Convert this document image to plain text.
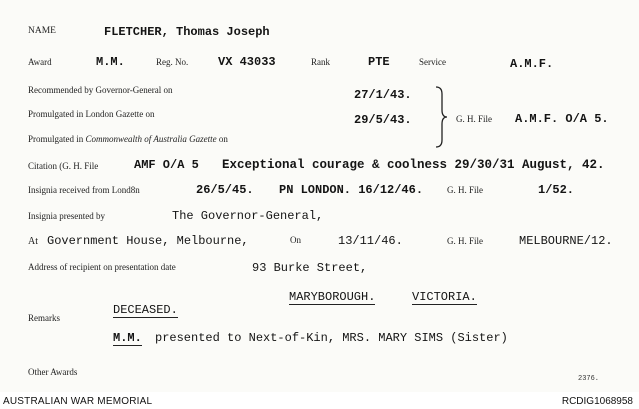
NAME	FLETCHER, Thomas Joseph
Award	M.M.	Reg. No. VX 43033	Rank	PTE	Service	A.M.F.
Recommended by Governor-General on	27/1/43.
Promulgated in London Gazette on	29/5/43.
Promulgated in Commonwealth of Australia Gazette on
G. H. File A.M.F. O/A 5.
Citation (G. H. File	AMF O/A 5 Exceptional courage & coolness 29/30/31 August, 42.
Insignia received from Lond8n	26/5/45. PN LONDON. 16/12/46.	G. H. File	1/52.
Insignia presented by	The Governor-General,
At Government House, Melbourne,	On	13/11/46.	G. H. File	MELBOURNE/12.
Address of recipient on presentation date	93 Burke Street,
MARYBOROUGH.	VICTORIA.
Remarks
DECEASED.
M.M. presented to Next-of-Kin, MRS. MARY SIMS (Sister)
Other Awards
2376.
AUSTRALIAN WAR MEMORIAL	RCDIG1068958
